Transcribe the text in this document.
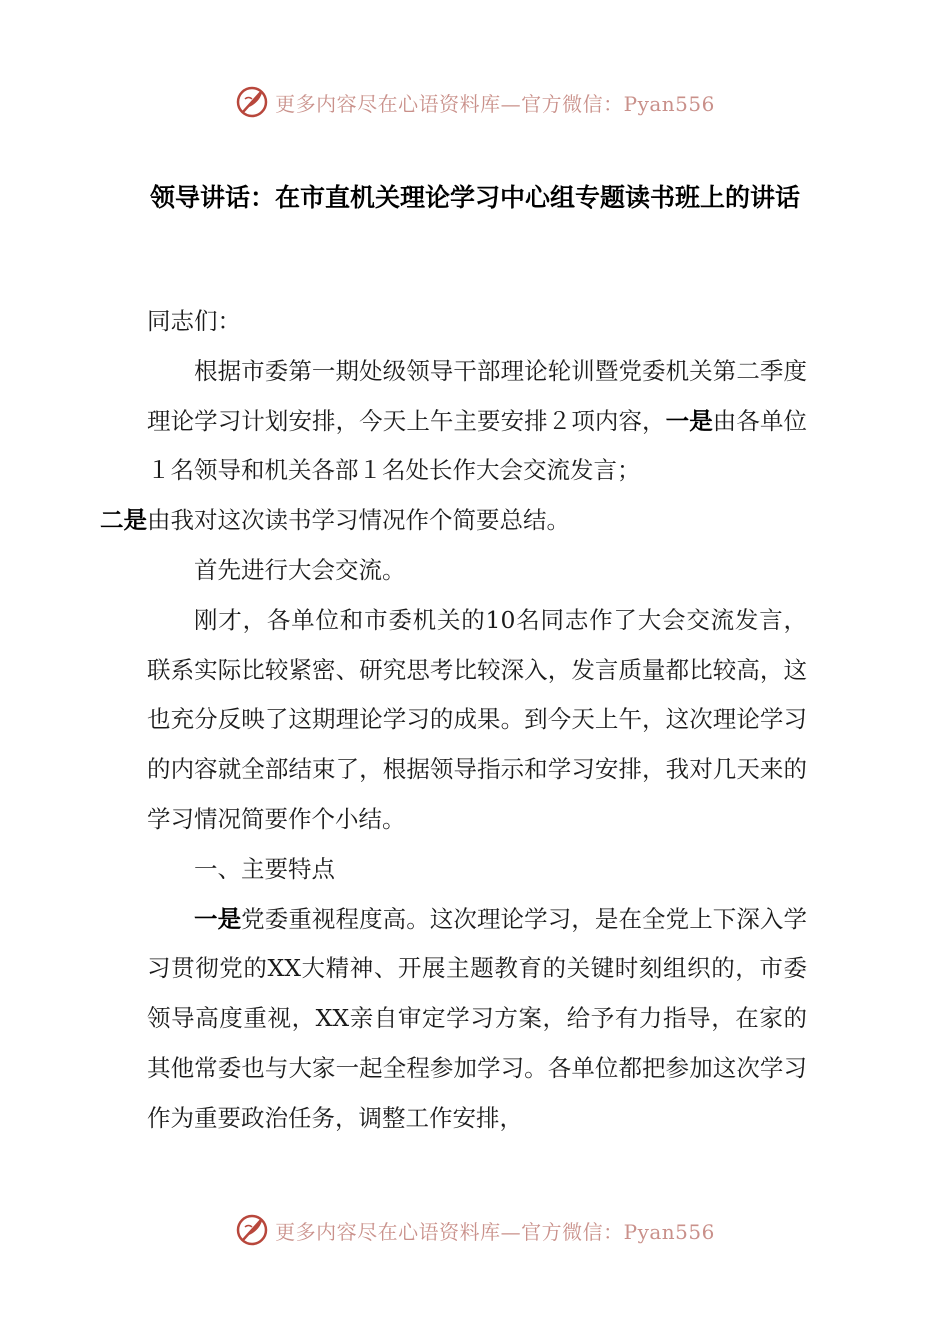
更多内容尽在心语资料库—官方微信：Pyan556
领导讲话：在市直机关理论学习中心组专题读书班上的讲话

同志们：

根据市委第一期处级领导干部理论轮训暨党委机关第二季度理论学习计划安排，今天上午主要安排２项内容，一是由各单位１名领导和机关各部１名处长作大会交流发言；
二是由我对这次读书学习情况作个简要总结。

首先进行大会交流。

刚才，各单位和市委机关的10名同志作了大会交流发言，联系实际比较紧密、研究思考比较深入，发言质量都比较高，这也充分反映了这期理论学习的成果。到今天上午，这次理论学习的内容就全部结束了，根据领导指示和学习安排，我对几天来的学习情况简要作个小结。

一、主要特点

一是党委重视程度高。这次理论学习，是在全党上下深入学习贯彻党的XX大精神、开展主题教育的关键时刻组织的，市委领导高度重视，XX亲自审定学习方案，给予有力指导，在家的其他常委也与大家一起全程参加学习。各单位都把参加这次学习作为重要政治任务，调整工作安排，

更多内容尽在心语资料库—官方微信：Pyan556
